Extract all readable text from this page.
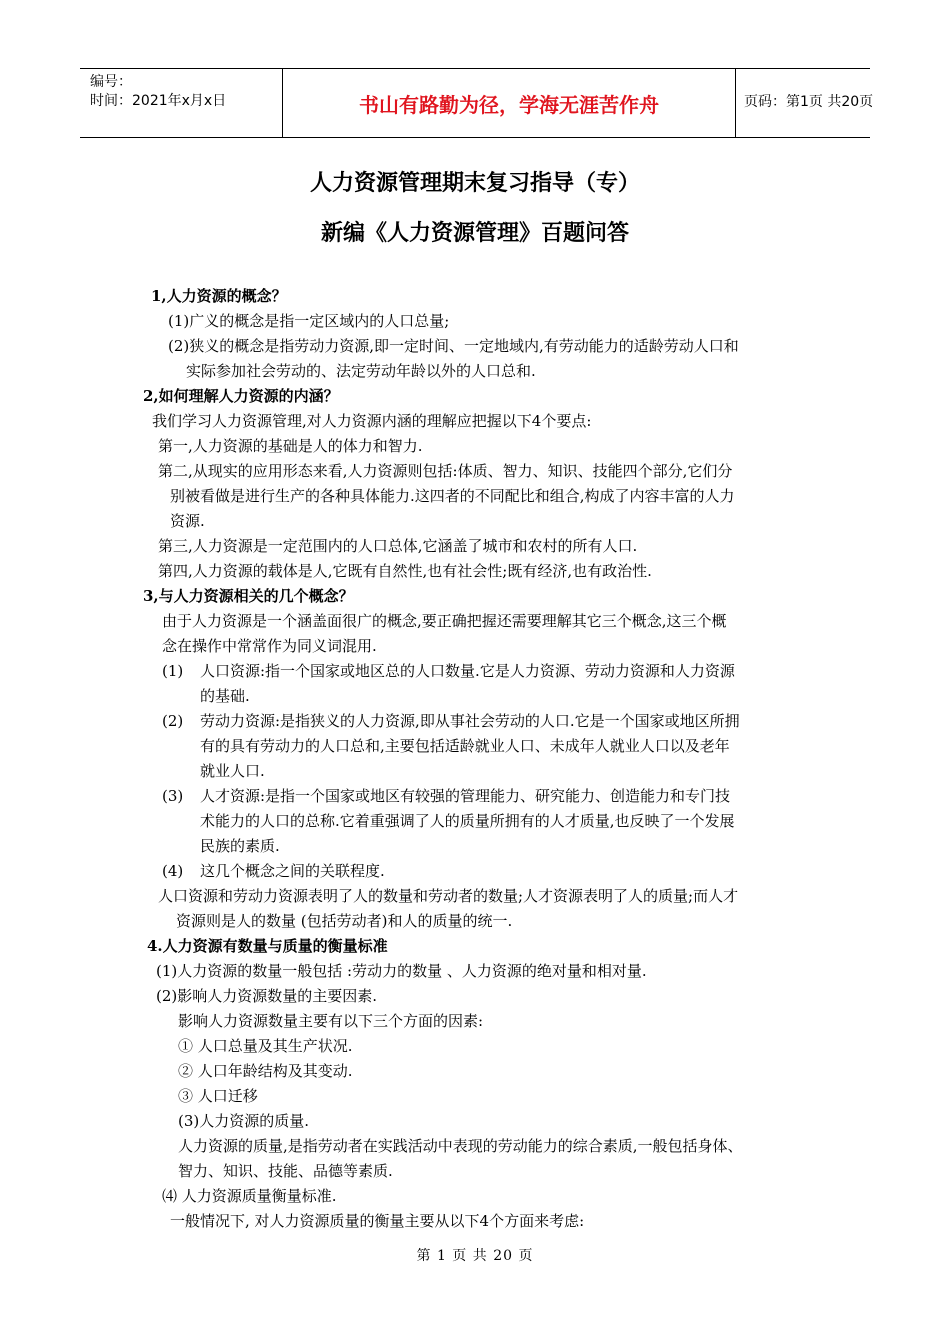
编号：
时间：2021年x月x日	书山有路勤为径，学海无涯苦作舟	页码：第1页 共20页
人力资源管理期末复习指导（专）
新编《人力资源管理》百题问答
1,人力资源的概念？
(1)广义的概念是指一定区域内的人口总量;
(2)狭义的概念是指劳动力资源,即一定时间、一定地域内,有劳动能力的适龄劳动人口和
实际参加社会劳动的、法定劳动年龄以外的人口总和.
2,如何理解人力资源的内涵？
我们学习人力资源管理,对人力资源内涵的理解应把握以下4个要点:
第一,人力资源的基础是人的体力和智力.
第二,从现实的应用形态来看,人力资源则包括:体质、智力、知识、技能四个部分,它们分
别被看做是进行生产的各种具体能力.这四者的不同配比和组合,构成了内容丰富的人力
资源.
第三,人力资源是一定范围内的人口总体,它涵盖了城市和农村的所有人口.
第四,人力资源的载体是人,它既有自然性,也有社会性;既有经济,也有政治性.
3,与人力资源相关的几个概念？
由于人力资源是一个涵盖面很广的概念,要正确把握还需要理解其它三个概念,这三个概
念在操作中常常作为同义词混用.
(1) 人口资源:指一个国家或地区总的人口数量.它是人力资源、劳动力资源和人力资源
的基础.
(2) 劳动力资源:是指狭义的人力资源,即从事社会劳动的人口.它是一个国家或地区所拥
有的具有劳动力的人口总和,主要包括适龄就业人口、未成年人就业人口以及老年
就业人口.
(3) 人才资源:是指一个国家或地区有较强的管理能力、研究能力、创造能力和专门技
术能力的人口的总称.它着重强调了人的质量所拥有的人才质量,也反映了一个发展
民族的素质.
(4) 这几个概念之间的关联程度.
人口资源和劳动力资源表明了人的数量和劳动者的数量;人才资源表明了人的质量;而人才
资源则是人的数量 (包括劳动者)和人的质量的统一.
4.人力资源有数量与质量的衡量标准
(1)人力资源的数量一般包括 :劳动力的数量 、人力资源的绝对量和相对量.
(2)影响人力资源数量的主要因素.
影响人力资源数量主要有以下三个方面的因素:
① 人口总量及其生产状况.
② 人口年龄结构及其变动.
③ 人口迁移
(3)人力资源的质量.
人力资源的质量,是指劳动者在实践活动中表现的劳动能力的综合素质,一般包括身体、
智力、知识、技能、品德等素质.
⑷ 人力资源质量衡量标准.
一般情况下, 对人力资源质量的衡量主要从以下4个方面来考虑:
第 1 页 共 20 页
